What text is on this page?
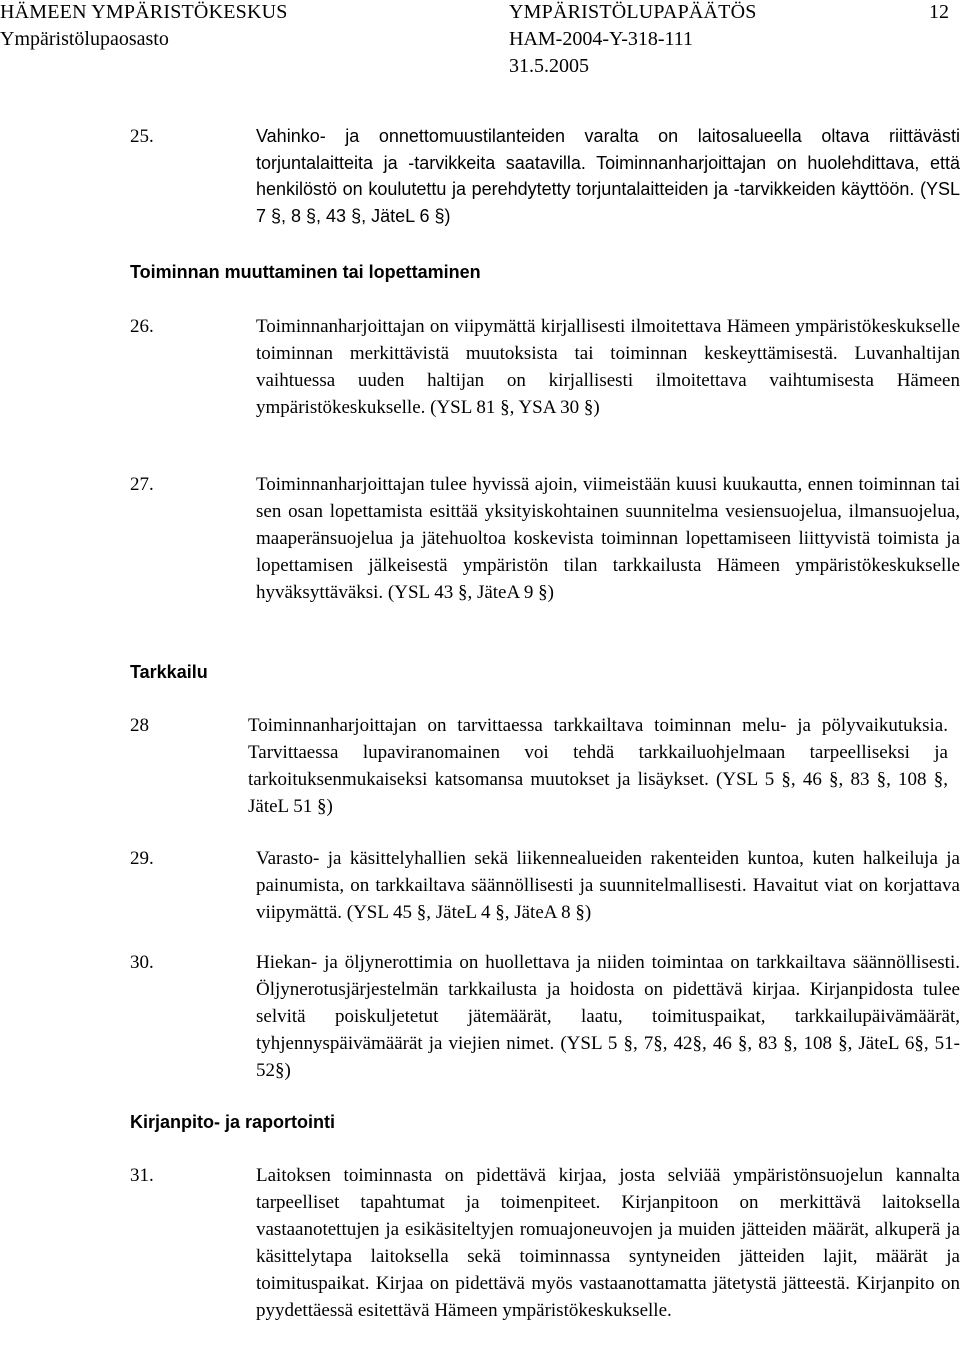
HÄMEEN YMPÄRISTÖKESKUS
Ympäristölupaosasto
YMPÄRISTÖLUPAPÄÄTÖS
HAM-2004-Y-318-111
31.5.2005
12
25.	Vahinko- ja onnettomuustilanteiden varalta on laitosalueella oltava riittävästi torjuntalaitteita ja -tarvikkeita saatavilla. Toiminnanharjoittajan on huolehdittava, että henkilöstö on koulutettu ja perehdytetty torjuntalaitteiden ja -tarvikkeiden käyttöön. (YSL 7 §, 8 §, 43 §, JäteL 6 §)
Toiminnan muuttaminen tai lopettaminen
26.	Toiminnanharjoittajan on viipymättä kirjallisesti ilmoitettava Hämeen ympäristökeskukselle toiminnan merkittävistä muutoksista tai toiminnan keskeyttämisestä. Luvanhaltijan vaihtuessa uuden haltijan on kirjallisesti ilmoitettava vaihtumisesta Hämeen ympäristökeskukselle. (YSL 81 §, YSA 30 §)
27.	Toiminnanharjoittajan tulee hyvissä ajoin, viimeistään kuusi kuukautta, ennen toiminnan tai sen osan lopettamista esittää yksityiskohtainen suunnitelma vesiensuojelua, ilmansuojelua, maaperänsuojelua ja jätehuoltoa koskevista toiminnan lopettamiseen liittyvistä toimista ja lopettamisen jälkeisestä ympäristön tilan tarkkailusta Hämeen ympäristökeskukselle hyväksyttäväksi. (YSL 43 §, JäteA 9 §)
Tarkkailu
28	Toiminnanharjoittajan on tarvittaessa tarkkailtava toiminnan melu- ja pölyvaikutuksia. Tarvittaessa lupaviranomainen voi tehdä tarkkailuohjelmaan tarpeelliseksi ja tarkoituksenmukaiseksi katsomansa muutokset ja lisäykset. (YSL 5 §, 46 §, 83 §, 108 §, JäteL 51 §)
29.	Varasto- ja käsittelyhallien sekä liikennealueiden rakenteiden kuntoa, kuten halkeiluja ja painumista, on tarkkailtava säännöllisesti ja suunnitelmallisesti. Havaitut viat on korjattava viipymättä. (YSL 45 §, JäteL 4 §, JäteA 8 §)
30.	Hiekan- ja öljynerottimia on huollettava ja niiden toimintaa on tarkkailtava säännöllisesti. Öljynerotusjärjestelmän tarkkailusta ja hoidosta on pidettävä kirjaa. Kirjanpidosta tulee selvitä poiskuljetetut jätemäärät, laatu, toimituspaikat, tarkkailupäivämäärät, tyhjennyspäivämäärät ja viejien nimet. (YSL 5 §, 7§, 42§, 46 §, 83 §, 108 §, JäteL 6§, 51-52§)
Kirjanpito- ja raportointi
31.	Laitoksen toiminnasta on pidettävä kirjaa, josta selviää ympäristönsuojelun kannalta tarpeelliset tapahtumat ja toimenpiteet. Kirjanpitoon on merkittävä laitoksella vastaanotettujen ja esikäsiteltyjen romuajoneuvojen ja muiden jätteiden määrät, alkuperä ja käsittelytapa laitoksella sekä toiminnassa syntyneiden jätteiden lajit, määrät ja toimituspaikat. Kirjaa on pidettävä myös vastaanottamatta jätetystä jätteestä. Kirjanpito on pyydettäessä esitettävä Hämeen ympäristökeskukselle.
